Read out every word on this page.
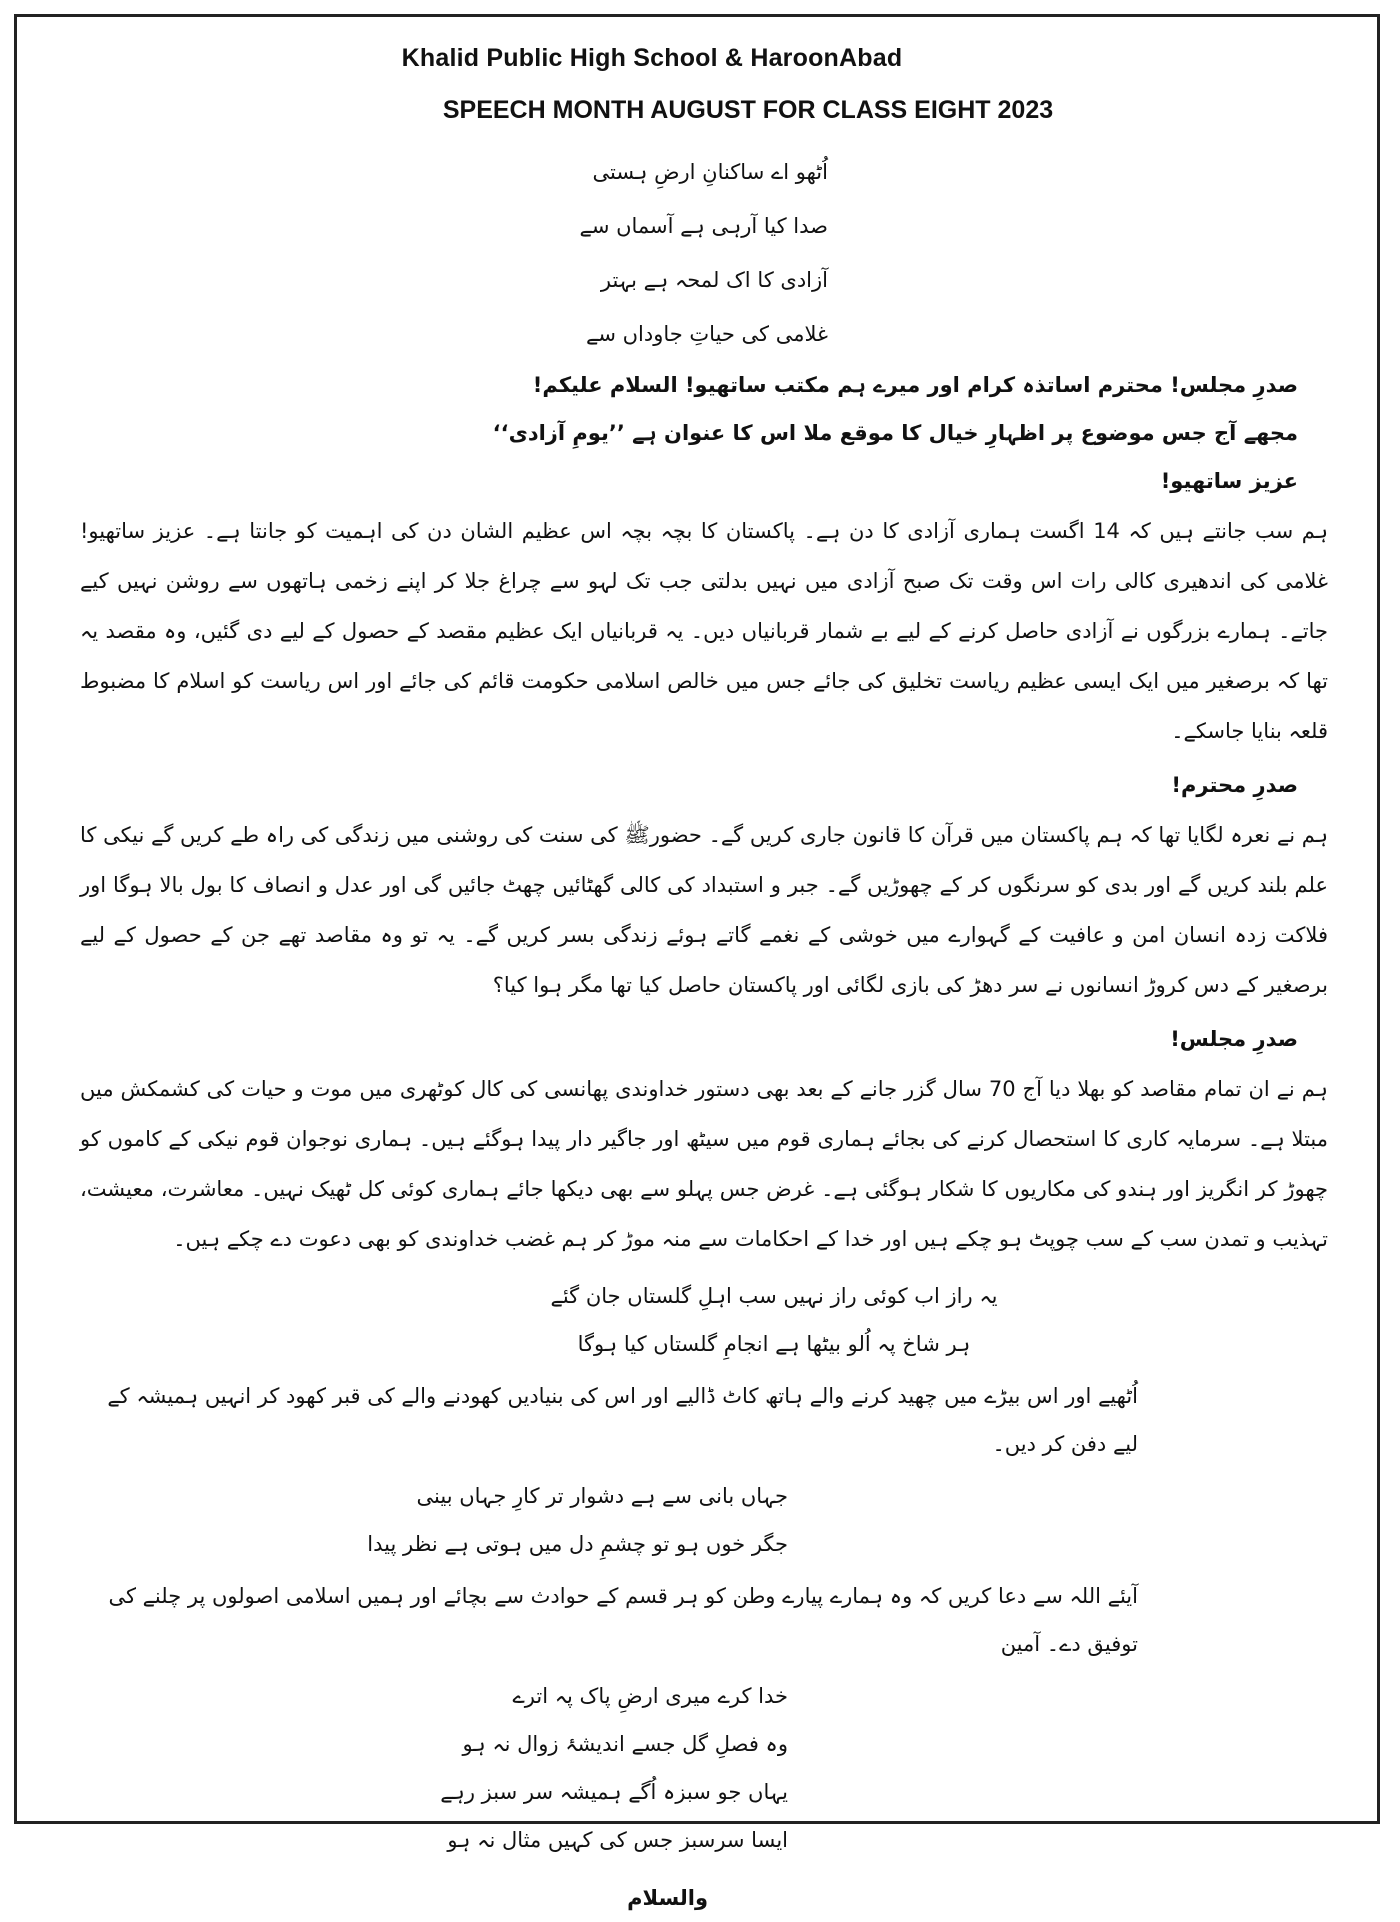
Khalid Public High School & HaroonAbad
SPEECH MONTH AUGUST FOR CLASS EIGHT 2023

اُٹھو اے ساکنانِ ارضِ ہستی

صدا کیا آرہی ہے آسماں سے

آزادی کا اک لمحہ ہے بہتر

غلامی کی حیاتِ جاوداں سے

صدرِ مجلس! محترم اساتذہ کرام اور میرے ہم مکتب ساتھیو! السلام علیکم!

مجھے آج جس موضوع پر اظہارِ خیال کا موقع ملا اس کا عنوان ہے ’’یومِ آزادی‘‘

عزیز ساتھیو!

ہم سب جانتے ہیں کہ 14 اگست ہماری آزادی کا دن ہے۔ پاکستان کا بچہ بچہ اس عظیم الشان دن کی اہمیت کو جانتا ہے۔ عزیز ساتھیو! غلامی کی اندھیری کالی رات اس وقت تک صبح آزادی میں نہیں بدلتی جب تک لہو سے چراغ جلا کر اپنے زخمی ہاتھوں سے روشن نہیں کیے جاتے۔ ہمارے بزرگوں نے آزادی حاصل کرنے کے لیے بے شمار قربانیاں دیں۔ یہ قربانیاں ایک عظیم مقصد کے حصول کے لیے دی گئیں، وہ مقصد یہ تھا کہ برصغیر میں ایک ایسی عظیم ریاست تخلیق کی جائے جس میں خالص اسلامی حکومت قائم کی جائے اور اس ریاست کو اسلام کا مضبوط قلعہ بنایا جاسکے۔

صدرِ محترم!

ہم نے نعرہ لگایا تھا کہ ہم پاکستان میں قرآن کا قانون جاری کریں گے۔ حضورﷺ کی سنت کی روشنی میں زندگی کی راہ طے کریں گے نیکی کا علم بلند کریں گے اور بدی کو سرنگوں کر کے چھوڑیں گے۔ جبر و استبداد کی کالی گھٹائیں چھٹ جائیں گی اور عدل و انصاف کا بول بالا ہوگا اور فلاکت زدہ انسان امن و عافیت کے گہوارے میں خوشی کے نغمے گاتے ہوئے زندگی بسر کریں گے۔ یہ تو وہ مقاصد تھے جن کے حصول کے لیے برصغیر کے دس کروڑ انسانوں نے سر دھڑ کی بازی لگائی اور پاکستان حاصل کیا تھا مگر ہوا کیا؟

صدرِ مجلس!

ہم نے ان تمام مقاصد کو بھلا دیا آج 70 سال گزر جانے کے بعد بھی دستور خداوندی پھانسی کی کال کوٹھری میں موت و حیات کی کشمکش میں مبتلا ہے۔ سرمایہ کاری کا استحصال کرنے کی بجائے ہماری قوم میں سیٹھ اور جاگیر دار پیدا ہوگئے ہیں۔ ہماری نوجوان قوم نیکی کے کاموں کو چھوڑ کر انگریز اور ہندو کی مکاریوں کا شکار ہوگئی ہے۔ غرض جس پہلو سے بھی دیکھا جائے ہماری کوئی کل ٹھیک نہیں۔ معاشرت، معیشت، تہذیب و تمدن سب کے سب چوپٹ ہو چکے ہیں اور خدا کے احکامات سے منہ موڑ کر ہم غضب خداوندی کو بھی دعوت دے چکے ہیں۔

یہ راز اب کوئی راز نہیں سب اہلِ گلستاں جان گئے

ہر شاخ پہ اُلو بیٹھا ہے انجامِ گلستاں کیا ہوگا

اُٹھیے اور اس بیڑے میں چھید کرنے والے ہاتھ کاٹ ڈالیے اور اس کی بنیادیں کھودنے والے کی قبر کھود کر انہیں ہمیشہ کے لیے دفن کر دیں۔

جہاں بانی سے ہے دشوار تر کارِ جہاں بینی

جگر خوں ہو تو چشمِ دل میں ہوتی ہے نظر پیدا

آیئے اللہ سے دعا کریں کہ وہ ہمارے پیارے وطن کو ہر قسم کے حوادث سے بچائے اور ہمیں اسلامی اصولوں پر چلنے کی توفیق دے۔ آمین

خدا کرے میری ارضِ پاک پہ اترے

وہ فصلِ گل جسے اندیشۂ زوال نہ ہو

یہاں جو سبزہ اُگے ہمیشہ سر سبز رہے

ایسا سرسبز جس کی کہیں مثال نہ ہو

والسلام
